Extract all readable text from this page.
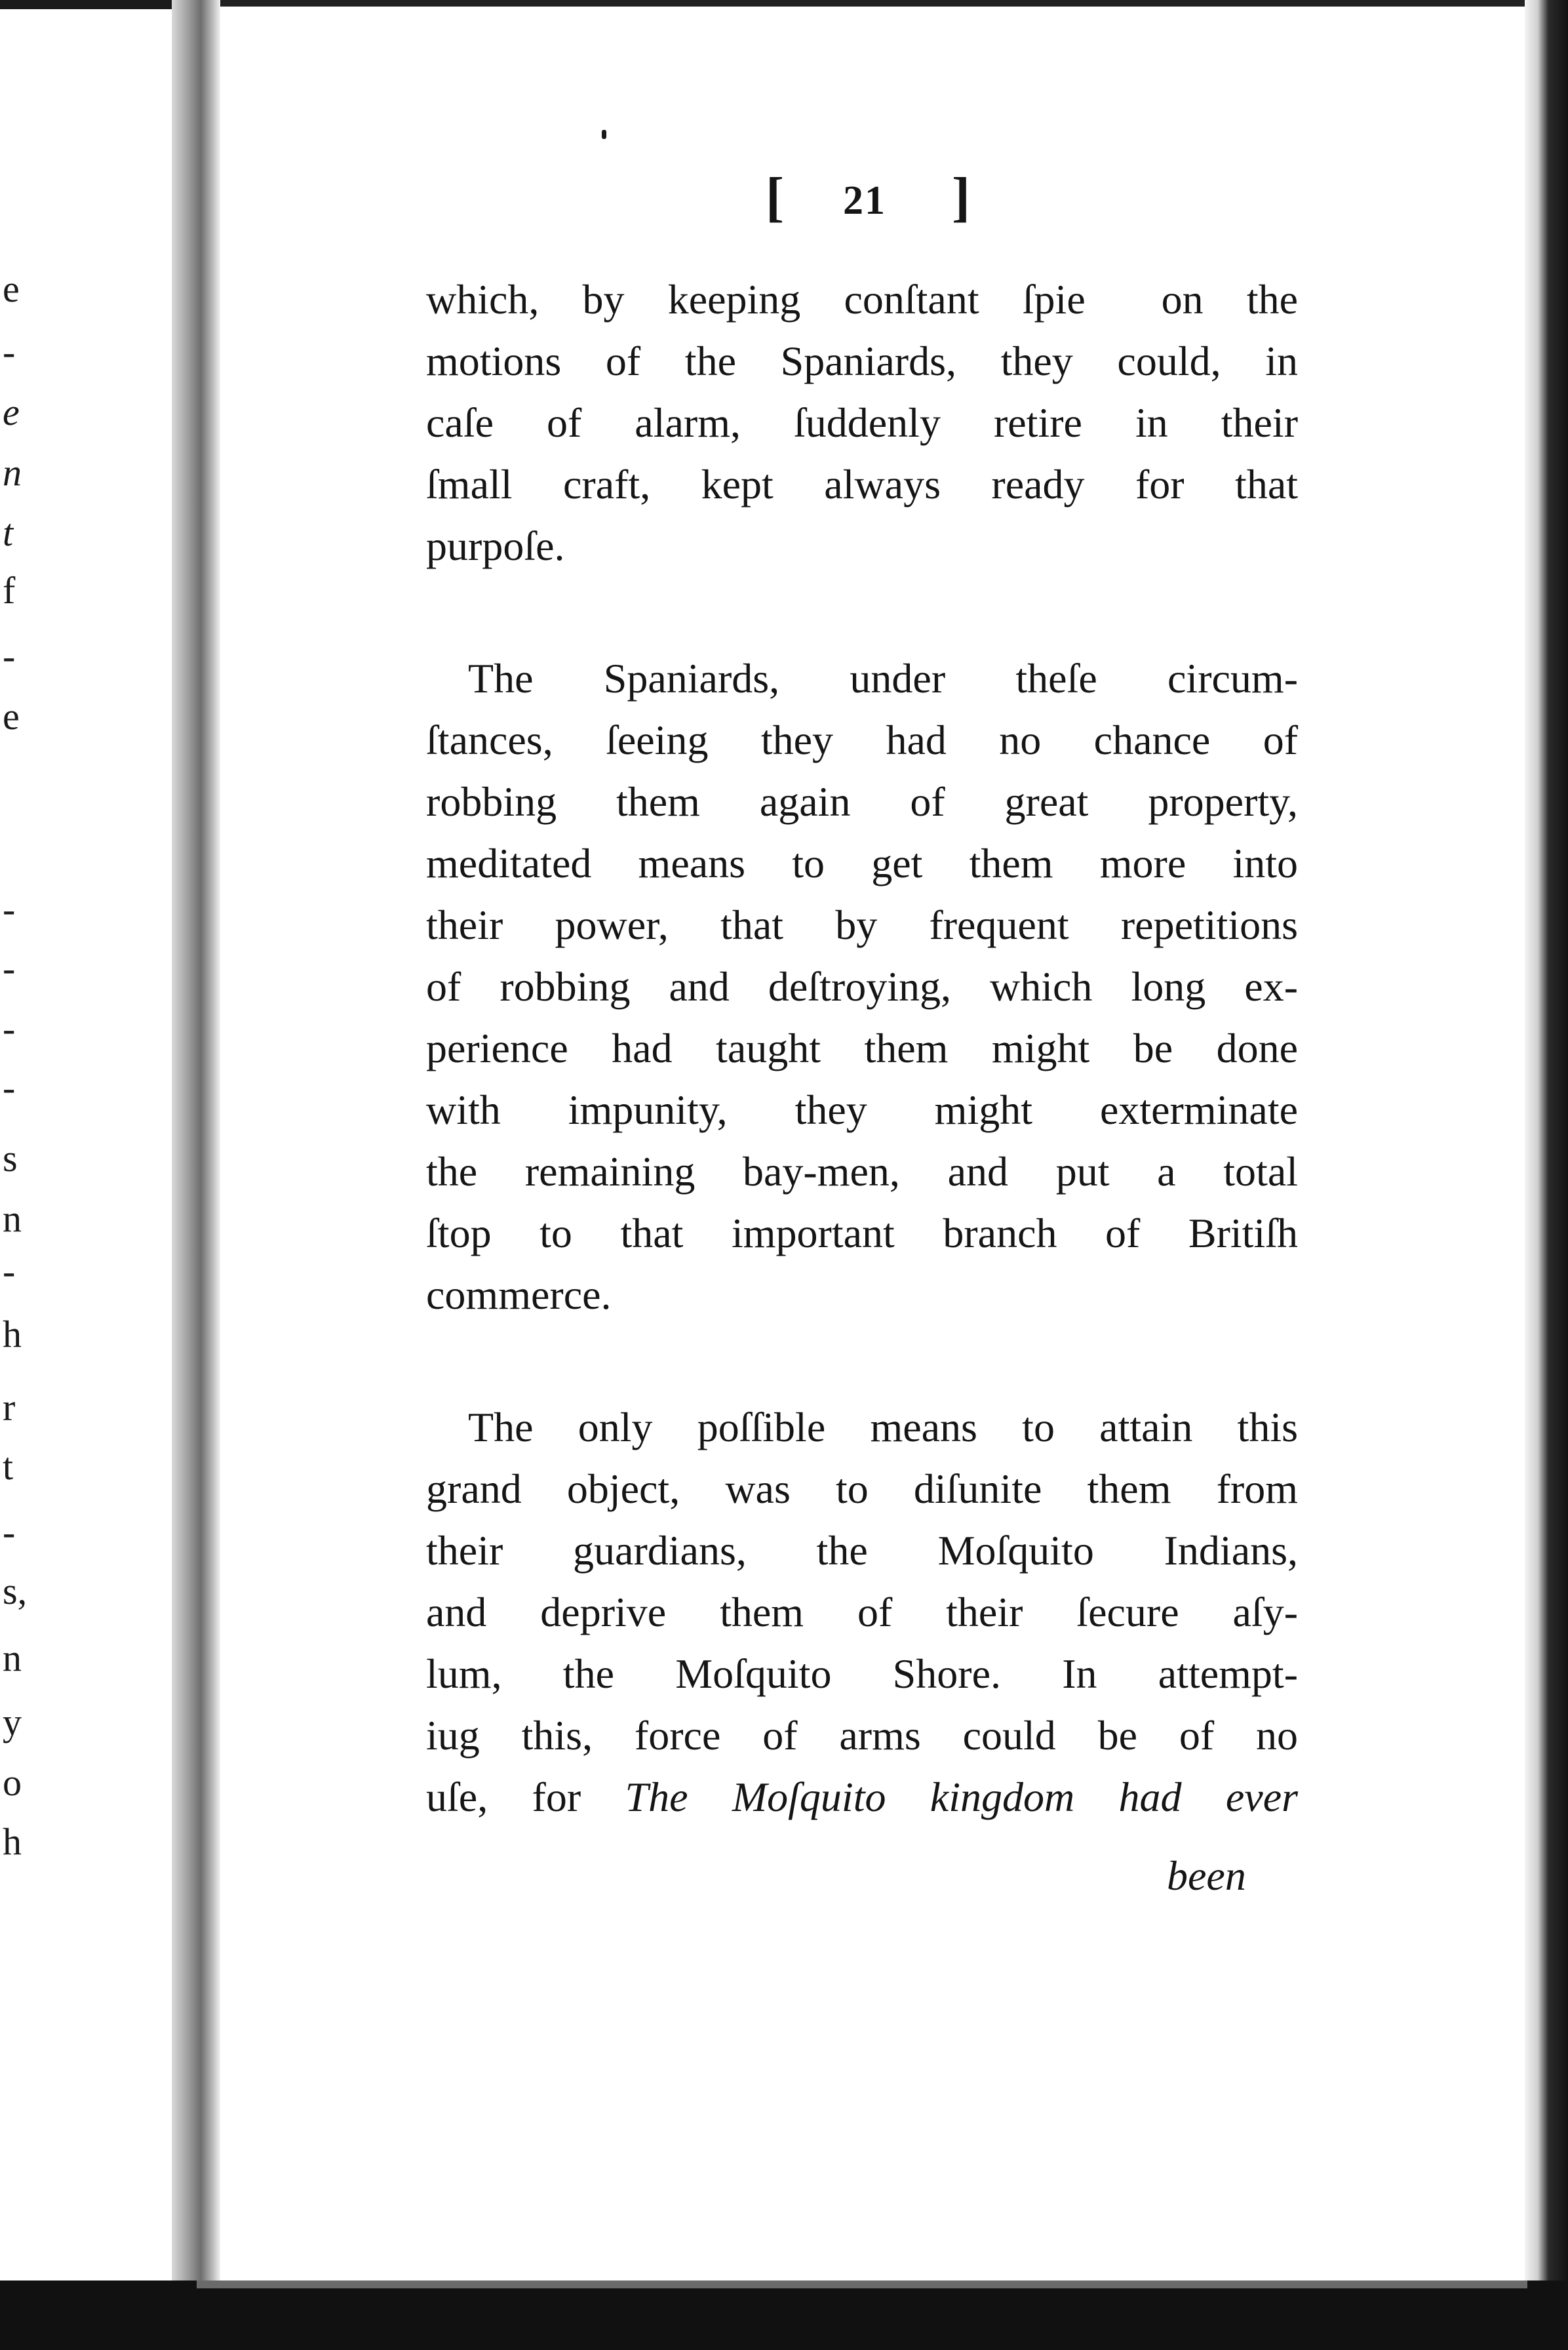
e
-
e
n
t
f
-
e
-
-
-
-
s
n
-
h
r
t
-
s,
n
y
o
h
[ 21 ]
which, by keeping conſtant ſpie᷑ on the
motions of the Spaniards, they could, in
caſe of alarm, ſuddenly retire in their
ſmall craft, kept always ready for that
purpoſe.
The Spaniards, under theſe circum-
ſtances, ſeeing they had no chance of
robbing them again of great property,
meditated means to get them more into
their power, that by frequent repetitions
of robbing and deſtroying, which long ex-
perience had taught them might be done
with impunity, they might exterminate
the remaining bay-men, and put a total
ſtop to that important branch of Britiſh
commerce.
The only poſſible means to attain this
grand object, was to diſunite them from
their guardians, the Moſquito Indians,
and deprive them of their ſecure aſy-
lum, the Moſquito Shore. In attempt-
iug this, force of arms could be of no
uſe, for The Moſquito kingdom had ever
been
